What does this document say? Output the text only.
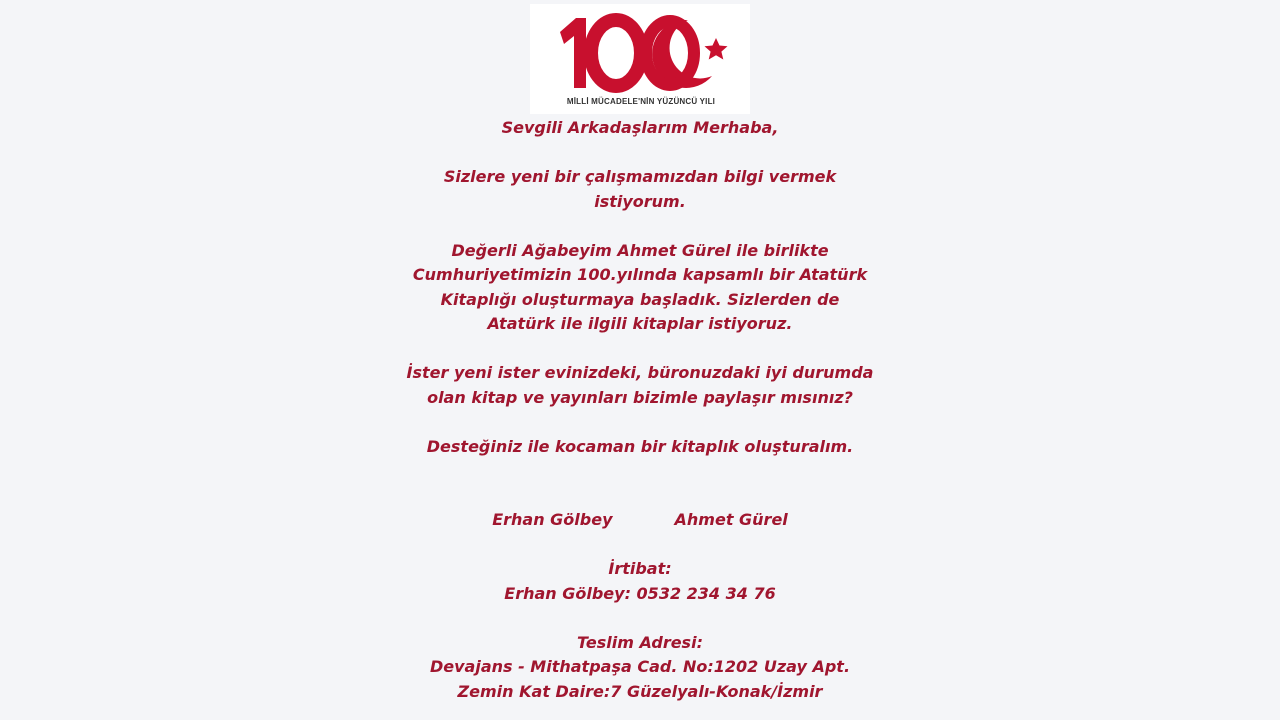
MİLLİ MÜCADELE'NİN YÜZÜNCÜ YILI
Sevgili Arkadaşlarım Merhaba,
Sizlere yeni bir çalışmamızdan bilgi vermek
istiyorum.
Değerli Ağabeyim Ahmet Gürel ile birlikte
Cumhuriyetimizin 100.yılında kapsamlı bir Atatürk
Kitaplığı oluşturmaya başladık. Sizlerden de
Atatürk ile ilgili kitaplar istiyoruz.
İster yeni ister evinizdeki, büronuzdaki iyi durumda
olan kitap ve yayınları bizimle paylaşır mısınız?
Desteğiniz ile kocaman bir kitaplık oluşturalım.
Erhan Gölbey	Ahmet Gürel
İrtibat:
Erhan Gölbey: 0532 234 34 76
Teslim Adresi:
Devajans - Mithatpaşa Cad. No:1202 Uzay Apt.
Zemin Kat Daire:7 Güzelyalı-Konak/İzmir
